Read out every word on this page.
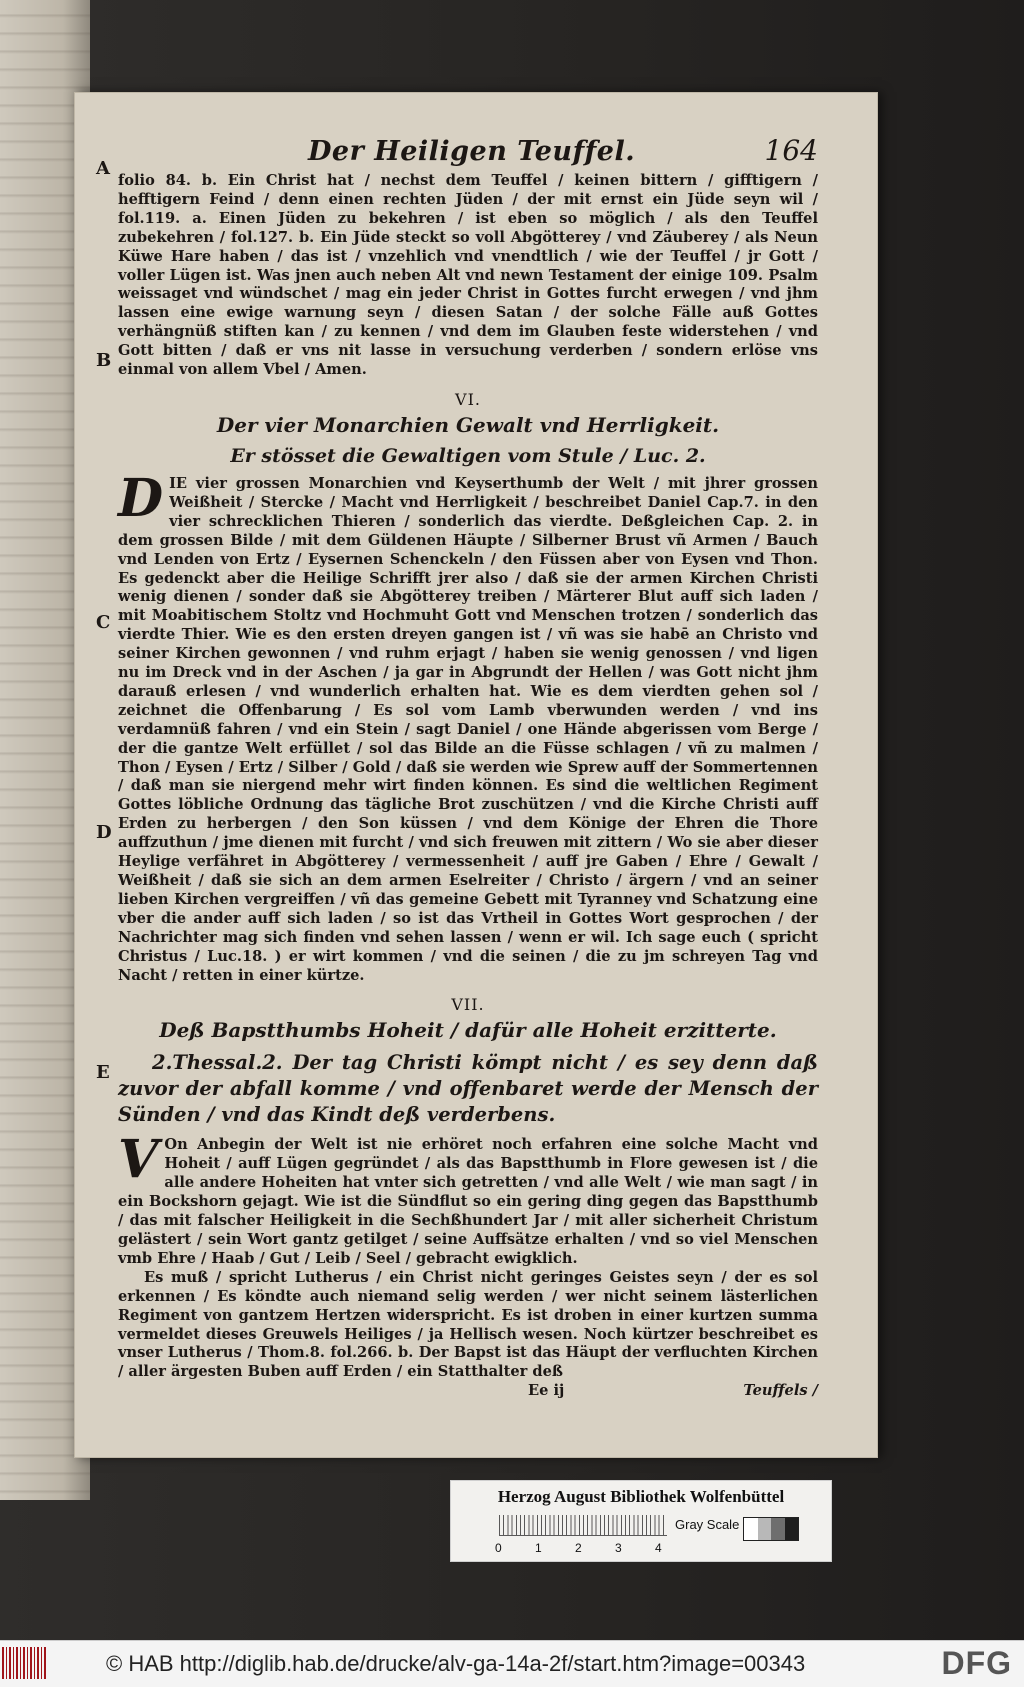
A
B
C
D
E
Der Heiligen Teuffel.	164

folio 84. b. Ein Christ hat / nechst dem Teuffel / keinen bittern / gifftigern / hefftigern Feind / denn einen rechten Jüden / der mit ernst ein Jüde seyn wil / fol.119. a. Einen Jüden zu bekehren / ist eben so möglich / als den Teuffel zubekehren / fol.127. b. Ein Jüde steckt so voll Abgötterey / vnd Zäuberey / als Neun Küwe Hare haben / das ist / vnzehlich vnd vnendtlich / wie der Teuffel / jr Gott / voller Lügen ist. Was jnen auch neben Alt vnd newn Testament der einige 109. Psalm weissaget vnd wündschet / mag ein jeder Christ in Gottes furcht erwegen / vnd jhm lassen eine ewige warnung seyn / diesen Satan / der solche Fälle auß Gottes verhängnüß stiften kan / zu kennen / vnd dem im Glauben feste widerstehen / vnd Gott bitten / daß er vns nit lasse in versuchung verderben / sondern erlöse vns einmal von allem Vbel / Amen.

VI.
Der vier Monarchien Gewalt vnd Herrligkeit.
Er stösset die Gewaltigen vom Stule / Luc. 2.

DIE vier grossen Monarchien vnd Keyserthumb der Welt / mit jhrer grossen Weißheit / Stercke / Macht vnd Herrligkeit / beschreibet Daniel Cap.7. in den vier schrecklichen Thieren / sonderlich das vierdte. Deßgleichen Cap. 2. in dem grossen Bilde / mit dem Güldenen Häupte / Silberner Brust vñ Armen / Bauch vnd Lenden von Ertz / Eysernen Schenckeln / den Füssen aber von Eysen vnd Thon. Es gedenckt aber die Heilige Schrifft jrer also / daß sie der armen Kirchen Christi wenig dienen / sonder daß sie Abgötterey treiben / Märterer Blut auff sich laden / mit Moabitischem Stoltz vnd Hochmuht Gott vnd Menschen trotzen / sonderlich das vierdte Thier. Wie es den ersten dreyen gangen ist / vñ was sie habē an Christo vnd seiner Kirchen gewonnen / vnd ruhm erjagt / haben sie wenig genossen / vnd ligen nu im Dreck vnd in der Aschen / ja gar in Abgrundt der Hellen / was Gott nicht jhm darauß erlesen / vnd wunderlich erhalten hat. Wie es dem vierdten gehen sol / zeichnet die Offenbarung / Es sol vom Lamb vberwunden werden / vnd ins verdamnüß fahren / vnd ein Stein / sagt Daniel / one Hände abgerissen vom Berge / der die gantze Welt erfüllet / sol das Bilde an die Füsse schlagen / vñ zu malmen / Thon / Eysen / Ertz / Silber / Gold / daß sie werden wie Sprew auff der Sommertennen / daß man sie niergend mehr wirt finden können. Es sind die weltlichen Regiment Gottes löbliche Ordnung das tägliche Brot zuschützen / vnd die Kirche Christi auff Erden zu herbergen / den Son küssen / vnd dem Könige der Ehren die Thore auffzuthun / jme dienen mit furcht / vnd sich freuwen mit zittern / Wo sie aber dieser Heylige verfähret in Abgötterey / vermessenheit / auff jre Gaben / Ehre / Gewalt / Weißheit / daß sie sich an dem armen Eselreiter / Christo / ärgern / vnd an seiner lieben Kirchen vergreiffen / vñ das gemeine Gebett mit Tyranney vnd Schatzung eine vber die ander auff sich laden / so ist das Vrtheil in Gottes Wort gesprochen / der Nachrichter mag sich finden vnd sehen lassen / wenn er wil. Ich sage euch ( spricht Christus / Luc.18. ) er wirt kommen / vnd die seinen / die zu jm schreyen Tag vnd Nacht / retten in einer kürtze.

VII.
Deß Bapstthumbs Hoheit / dafür alle Hoheit erzitterte.

2.Thessal.2. Der tag Christi kömpt nicht / es sey denn daß zuvor der abfall komme / vnd offenbaret werde der Mensch der Sünden / vnd das Kindt deß verderbens.

V On Anbegin der Welt ist nie erhöret noch erfahren eine solche Macht vnd Hoheit / auff Lügen gegründet / als das Bapstthumb in Flore gewesen ist / die alle andere Hoheiten hat vnter sich getretten / vnd alle Welt / wie man sagt / in ein Bockshorn gejagt. Wie ist die Sündflut so ein gering ding gegen das Bapstthumb / das mit falscher Heiligkeit in die Sechßhundert Jar / mit aller sicherheit Christum gelästert / sein Wort gantz getilget / seine Auffsätze erhalten / vnd so viel Menschen vmb Ehre / Haab / Gut / Leib / Seel / gebracht ewigklich.

Es muß / spricht Lutherus / ein Christ nicht geringes Geistes seyn / der es sol erkennen / Es köndte auch niemand selig werden / wer nicht seinem lästerlichen Regiment von gantzem Hertzen widerspricht. Es ist droben in einer kurtzen summa vermeldet dieses Greuwels Heiliges / ja Hellisch wesen. Noch kürtzer beschreibet es vnser Lutherus / Thom.8. fol.266. b. Der Bapst ist das Häupt der verfluchten Kirchen / aller ärgesten Buben auff Erden / ein Statthalter deß

Ee ij	Teuffels /
Herzog August Bibliothek Wolfenbüttel
0	1	2	3	4
Gray Scale
© HAB http://diglib.hab.de/drucke/alv-ga-14a-2f/start.htm?image=00343	DFG
